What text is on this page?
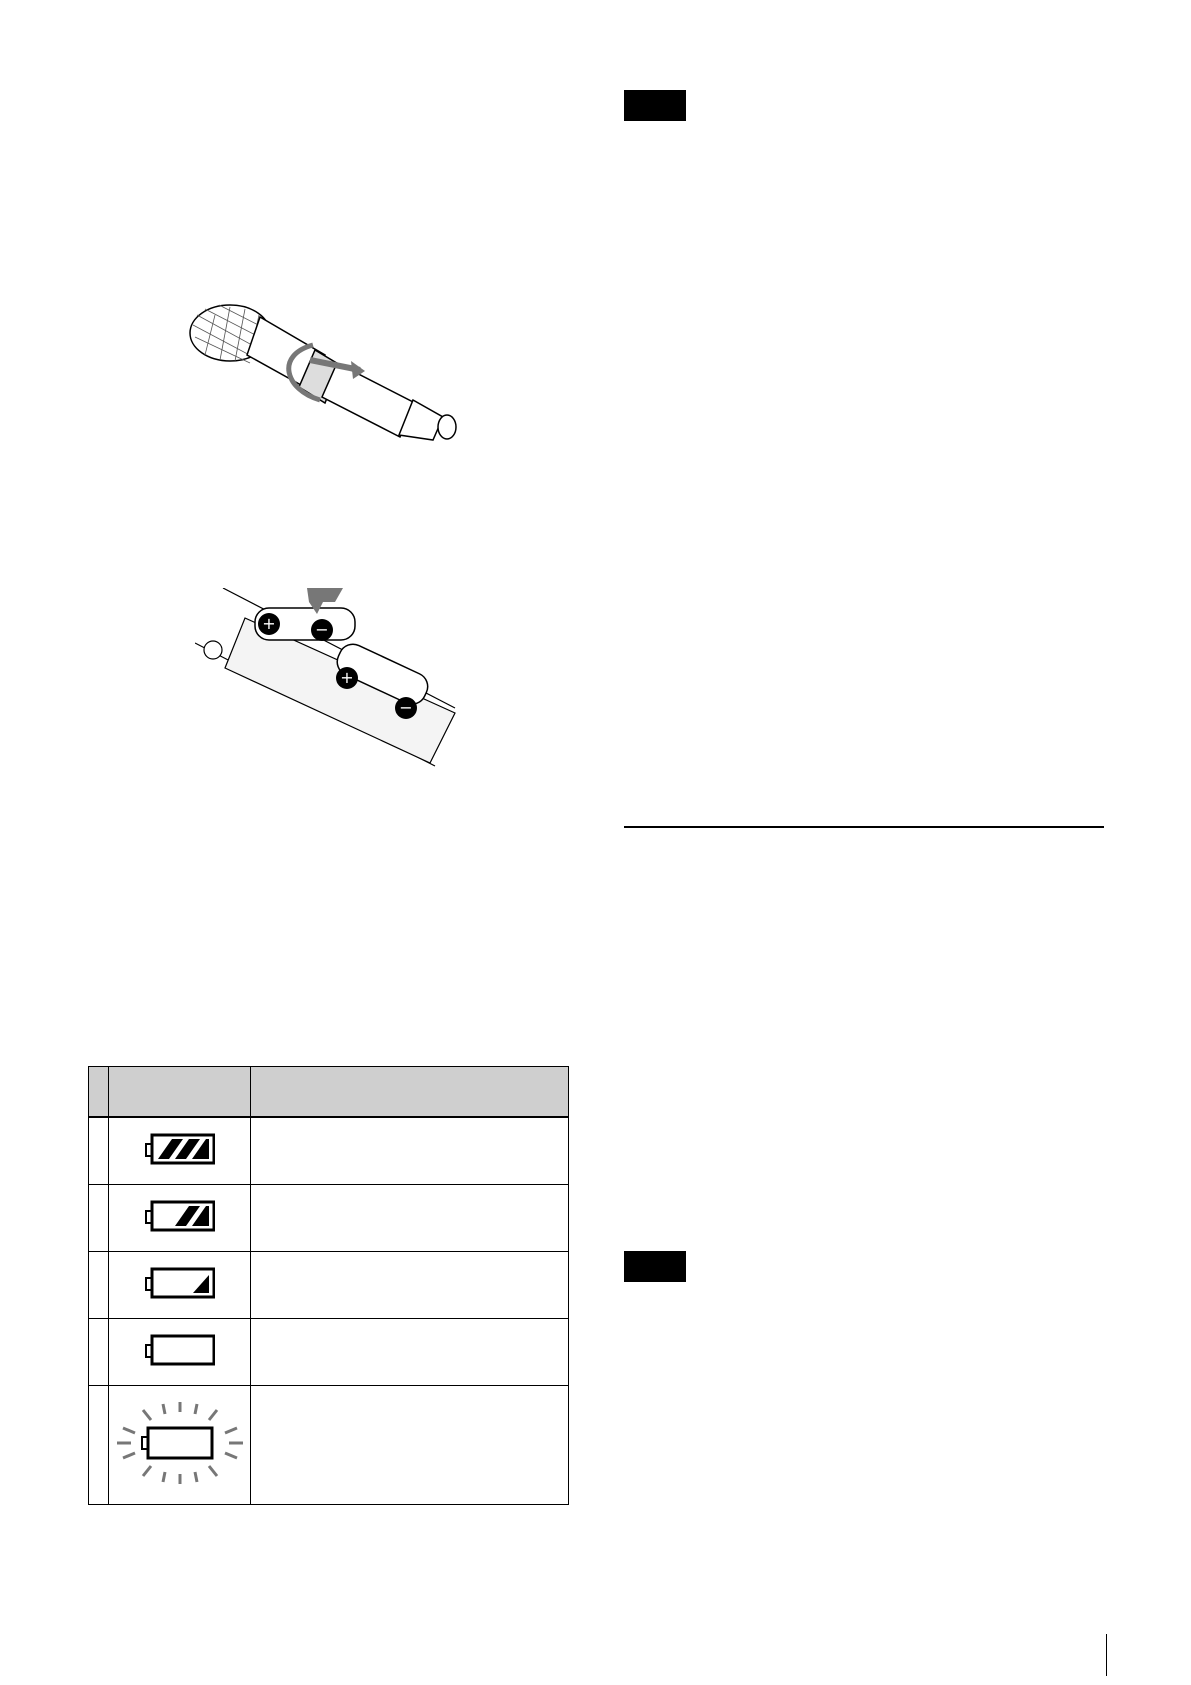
+ −
+
−
